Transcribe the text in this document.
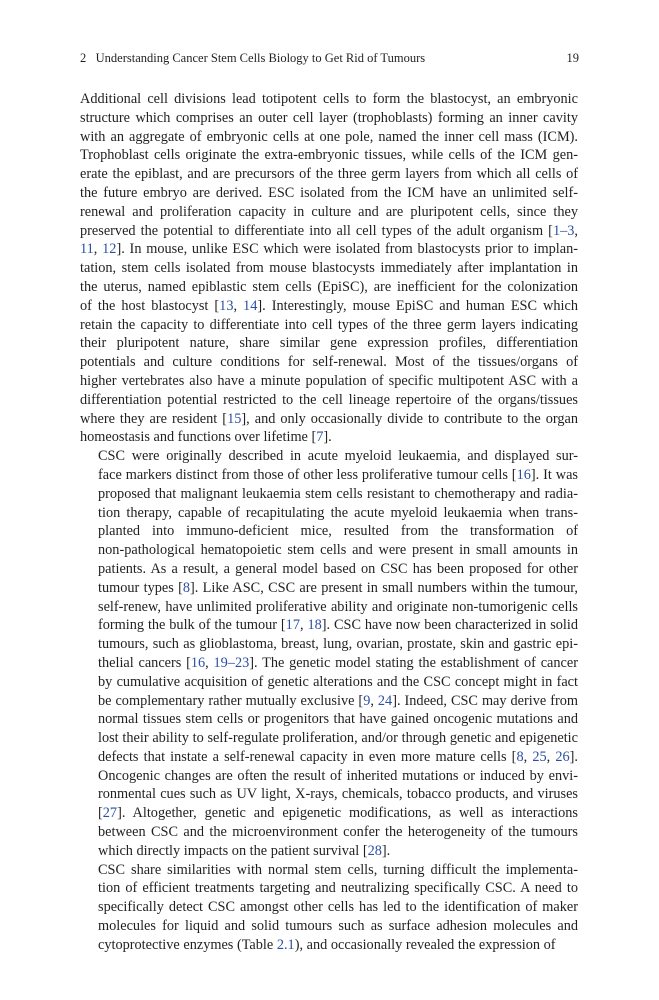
2   Understanding Cancer Stem Cells Biology to Get Rid of Tumours	19

Additional cell divisions lead totipotent cells to form the blastocyst, an embryonic
structure which comprises an outer cell layer (trophoblasts) forming an inner cavity
with an aggregate of embryonic cells at one pole, named the inner cell mass (ICM).
Trophoblast cells originate the extra-embryonic tissues, while cells of the ICM gen-
erate the epiblast, and are precursors of the three germ layers from which all cells of
the future embryo are derived. ESC isolated from the ICM have an unlimited self-
renewal and proliferation capacity in culture and are pluripotent cells, since they
preserved the potential to differentiate into all cell types of the adult organism [1–3,
11, 12]. In mouse, unlike ESC which were isolated from blastocysts prior to implan-
tation, stem cells isolated from mouse blastocysts immediately after implantation in
the uterus, named epiblastic stem cells (EpiSC), are inefficient for the colonization
of the host blastocyst [13, 14]. Interestingly, mouse EpiSC and human ESC which
retain the capacity to differentiate into cell types of the three germ layers indicating
their pluripotent nature, share similar gene expression profiles, differentiation
potentials and culture conditions for self-renewal. Most of the tissues/organs of
higher vertebrates also have a minute population of specific multipotent ASC with a
differentiation potential restricted to the cell lineage repertoire of the organs/tissues
where they are resident [15], and only occasionally divide to contribute to the organ
homeostasis and functions over lifetime [7].

CSC were originally described in acute myeloid leukaemia, and displayed sur-
face markers distinct from those of other less proliferative tumour cells [16]. It was
proposed that malignant leukaemia stem cells resistant to chemotherapy and radia-
tion therapy, capable of recapitulating the acute myeloid leukaemia when trans-
planted into immuno-deficient mice, resulted from the transformation of
non-pathological hematopoietic stem cells and were present in small amounts in
patients. As a result, a general model based on CSC has been proposed for other
tumour types [8]. Like ASC, CSC are present in small numbers within the tumour,
self-renew, have unlimited proliferative ability and originate non-tumorigenic cells
forming the bulk of the tumour [17, 18]. CSC have now been characterized in solid
tumours, such as glioblastoma, breast, lung, ovarian, prostate, skin and gastric epi-
thelial cancers [16, 19–23]. The genetic model stating the establishment of cancer
by cumulative acquisition of genetic alterations and the CSC concept might in fact
be complementary rather mutually exclusive [9, 24]. Indeed, CSC may derive from
normal tissues stem cells or progenitors that have gained oncogenic mutations and
lost their ability to self-regulate proliferation, and/or through genetic and epigenetic
defects that instate a self-renewal capacity in even more mature cells [8, 25, 26].
Oncogenic changes are often the result of inherited mutations or induced by envi-
ronmental cues such as UV light, X-rays, chemicals, tobacco products, and viruses
[27]. Altogether, genetic and epigenetic modifications, as well as interactions
between CSC and the microenvironment confer the heterogeneity of the tumours
which directly impacts on the patient survival [28].

CSC share similarities with normal stem cells, turning difficult the implementa-
tion of efficient treatments targeting and neutralizing specifically CSC. A need to
specifically detect CSC amongst other cells has led to the identification of maker
molecules for liquid and solid tumours such as surface adhesion molecules and
cytoprotective enzymes (Table 2.1), and occasionally revealed the expression of
